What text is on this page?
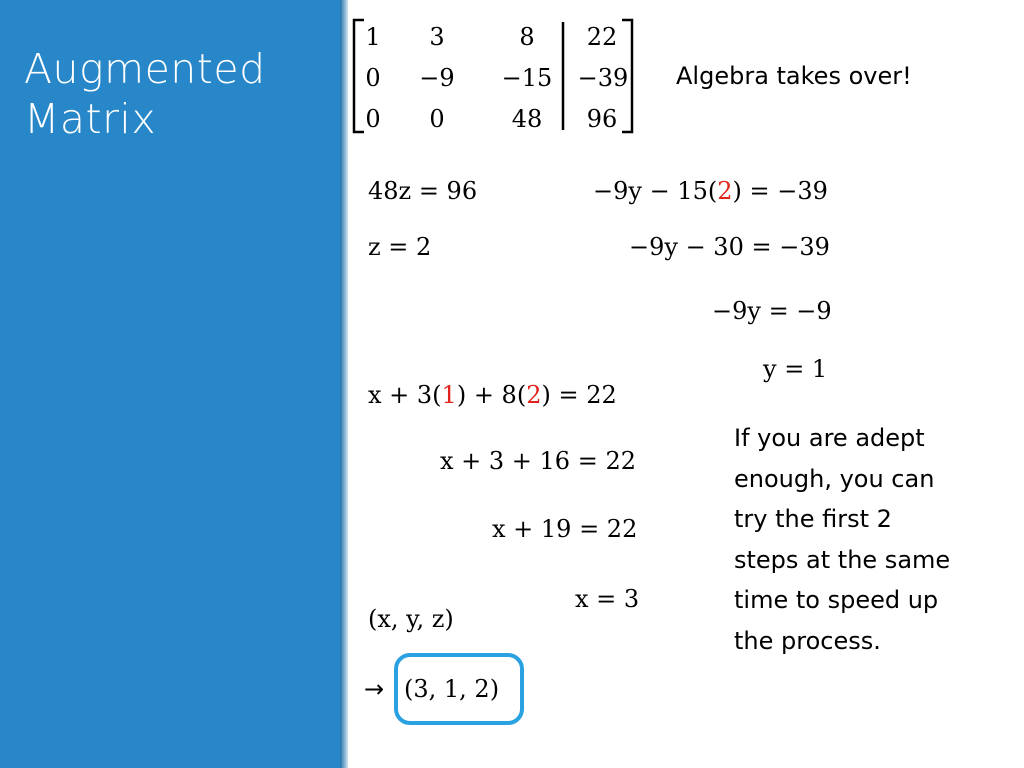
Augmented
Matrix
1	3	8	22
0	−9	−15	−39
0	0	48	96
Algebra takes over!
48z = 96
z = 2
−9y − 15(2) = −39
−9y − 30 = −39
−9y = −9
y = 1
x + 3(1) + 8(2) = 22
x + 3 + 16 = 22
x + 19 = 22
x = 3
If you are adept
enough, you can
try the first 2
steps at the same
time to speed up
the process.
(x, y, z)
→ (3, 1, 2)
